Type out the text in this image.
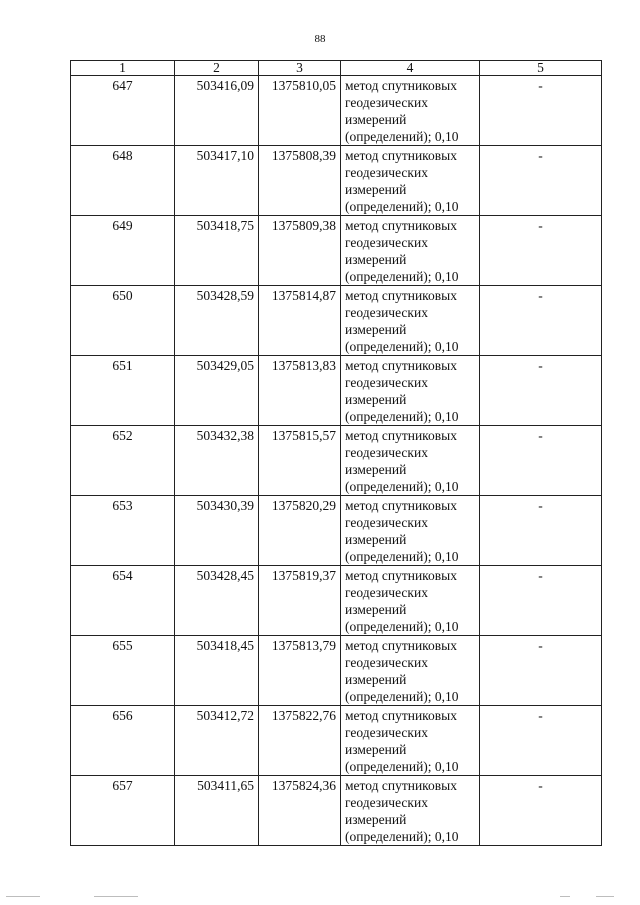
88
1	2	3	4	5
647	503416,09	1375810,05	метод спутниковых
геодезических
измерений
(определений); 0,10	-
648	503417,10	1375808,39	метод спутниковых
геодезических
измерений
(определений); 0,10	-
649	503418,75	1375809,38	метод спутниковых
геодезических
измерений
(определений); 0,10	-
650	503428,59	1375814,87	метод спутниковых
геодезических
измерений
(определений); 0,10	-
651	503429,05	1375813,83	метод спутниковых
геодезических
измерений
(определений); 0,10	-
652	503432,38	1375815,57	метод спутниковых
геодезических
измерений
(определений); 0,10	-
653	503430,39	1375820,29	метод спутниковых
геодезических
измерений
(определений); 0,10	-
654	503428,45	1375819,37	метод спутниковых
геодезических
измерений
(определений); 0,10	-
655	503418,45	1375813,79	метод спутниковых
геодезических
измерений
(определений); 0,10	-
656	503412,72	1375822,76	метод спутниковых
геодезических
измерений
(определений); 0,10	-
657	503411,65	1375824,36	метод спутниковых
геодезических
измерений
(определений); 0,10	-
